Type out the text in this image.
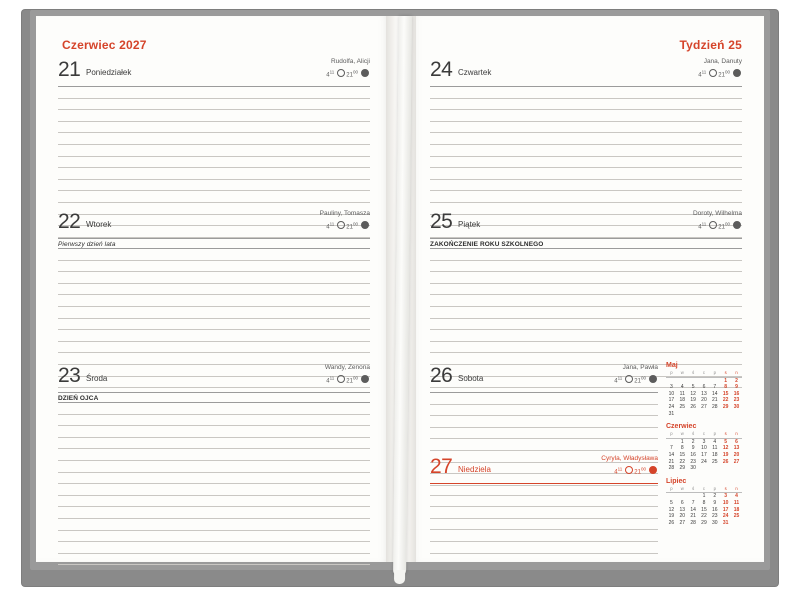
Czerwiec 2027
21 Poniedziałek
Rudolfa, Alicji
$4^{11}21^{00}$
22 Wtorek
Pauliny, Tomasza
$4^{11}21^{00}$
Pierwszy dzień lata
23 Środa
Wandy, Zenona
$4^{11}21^{00}$
DZIEŃ OJCA
Tydzień 25
24 Czwartek
Jana, Danuty
$4^{11}21^{00}$
25 Piątek
Doroty, Wilhelma
$4^{11}21^{00}$
ZAKOŃCZENIE ROKU SZKOLNEGO
26 Sobota
Jana, Pawła
$4^{11}21^{00}$
27 Niedziela
Cyryla, Władysława
$4^{11}21^{00}$
Maj
p	w	ś	c	p	s	n
					1	2
3	4	5	6	7	8	9
10	11	12	13	14	15	16
17	18	19	20	21	22	23
24	25	26	27	28	29	30
31						
Czerwiec
p	w	ś	c	p	s	n
	1	2	3	4	5	6
7	8	9	10	11	12	13
14	15	16	17	18	19	20
21	22	23	24	25	26	27
28	29	30				
Lipiec
p	w	ś	c	p	s	n
			1	2	3	4
5	6	7	8	9	10	11
12	13	14	15	16	17	18
19	20	21	22	23	24	25
26	27	28	29	30	31	
